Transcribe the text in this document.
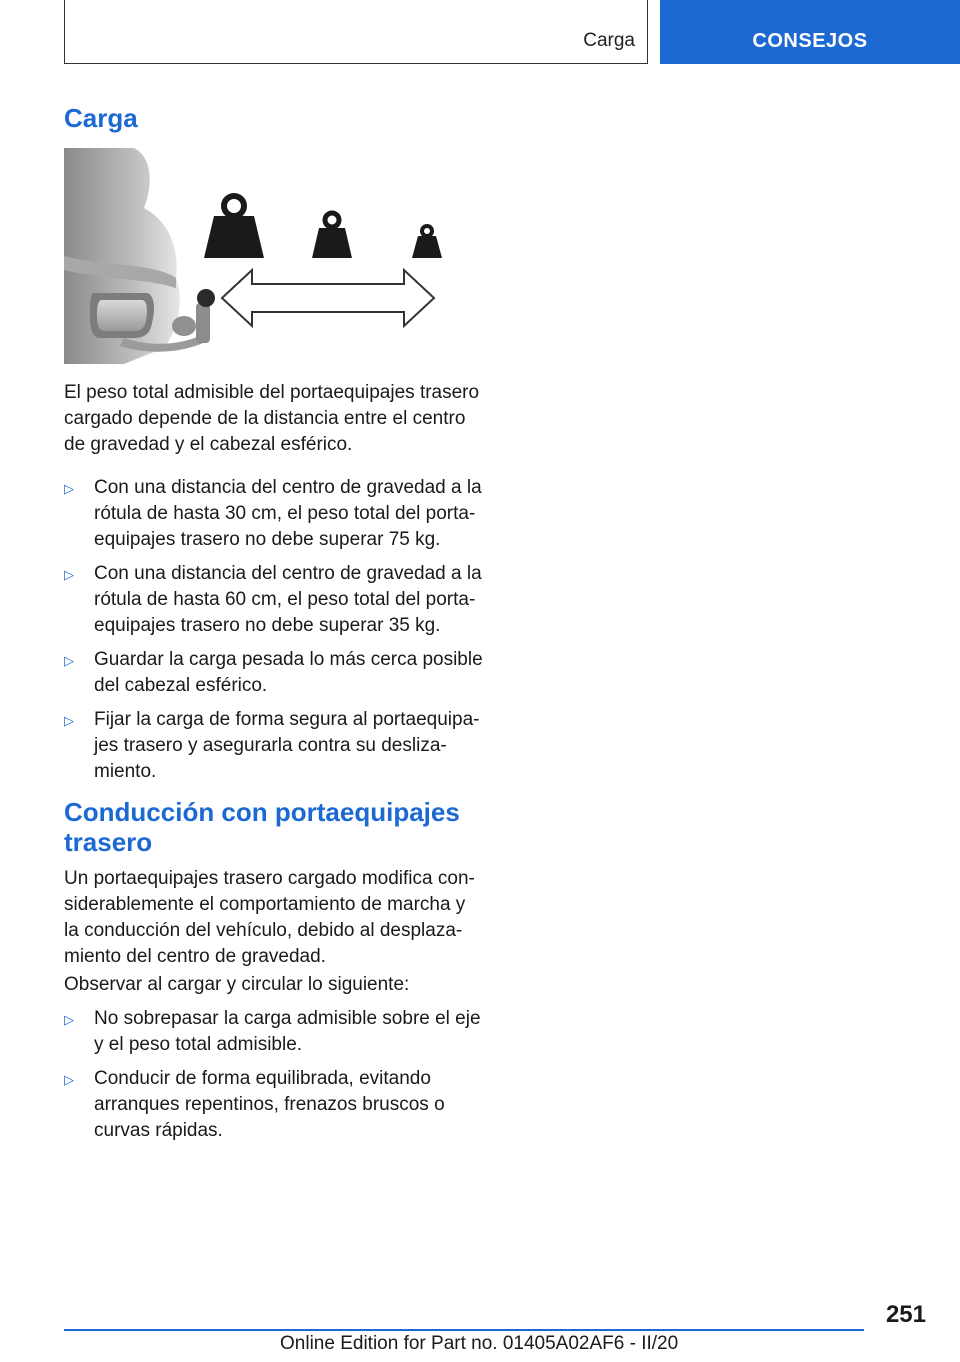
Carga	CONSEJOS
Carga

El peso total admisible del portaequipajes trasero cargado depende de la distancia entre el centro de gravedad y el cabezal esférico.

▷ Con una distancia del centro de gravedad a la rótula de hasta 30 cm, el peso total del portaequipajes trasero no debe superar 75 kg.
▷ Con una distancia del centro de gravedad a la rótula de hasta 60 cm, el peso total del portaequipajes trasero no debe superar 35 kg.
▷ Guardar la carga pesada lo más cerca posible del cabezal esférico.
▷ Fijar la carga de forma segura al portaequipajes trasero y asegurarla contra su deslizamiento.
Conducción con portaequipajes trasero

Un portaequipajes trasero cargado modifica considerablemente el comportamiento de marcha y la conducción del vehículo, debido al desplazamiento del centro de gravedad.

Observar al cargar y circular lo siguiente:

▷ No sobrepasar la carga admisible sobre el eje y el peso total admisible.
▷ Conducir de forma equilibrada, evitando arranques repentinos, frenazos bruscos o curvas rápidas.
251
Online Edition for Part no. 01405A02AF6 - II/20
